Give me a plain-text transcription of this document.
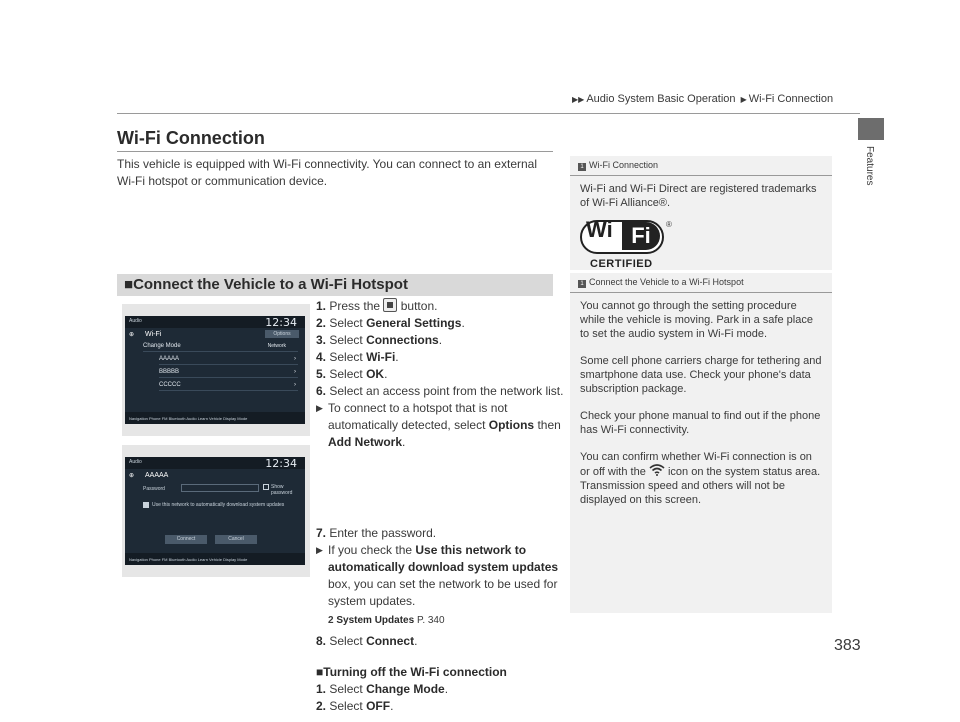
▶▶ Audio System Basic Operation ▶ Wi-Fi Connection
Features
Wi-Fi Connection
This vehicle is equipped with Wi-Fi connectivity. You can connect to an external Wi-Fi hotspot or communication device.
■Connect the Vehicle to a Wi-Fi Hotspot
Audio	12:34
⊕ Wi-Fi	Options
Change Mode	Network
AAAAA	›
BBBBB	›
CCCCC	›
Navigation Phone FM Bluetooth Audio Learn Vehicle Display Mode
Audio	12:34
⊕ AAAAA
Password	Show password
Use this network to automatically download system updates
Connect	Cancel
Navigation Phone FM Bluetooth Audio Learn Vehicle Display Mode
1. Press the button.
2. Select General Settings.
3. Select Connections.
4. Select Wi-Fi.
5. Select OK.
6. Select an access point from the network list.
▶ To connect to a hotspot that is not automatically detected, select Options then Add Network.
7. Enter the password.
▶ If you check the Use this network to automatically download system updates box, you can set the network to be used for system updates.
2 System Updates P. 340
8. Select Connect.
■Turning off the Wi-Fi connection
1. Select Change Mode.
2. Select OFF.
1 Wi-Fi Connection
Wi-Fi and Wi-Fi Direct are registered trademarks of Wi-Fi Alliance®.
Wi Fi	®
CERTIFIED
1 Connect the Vehicle to a Wi-Fi Hotspot

You cannot go through the setting procedure while the vehicle is moving. Park in a safe place to set the audio system in Wi-Fi mode.

Some cell phone carriers charge for tethering and smartphone data use. Check your phone's data subscription package.

Check your phone manual to find out if the phone has Wi-Fi connectivity.

You can confirm whether Wi-Fi connection is on or off with the icon on the system status area. Transmission speed and others will not be displayed on this screen.

383
